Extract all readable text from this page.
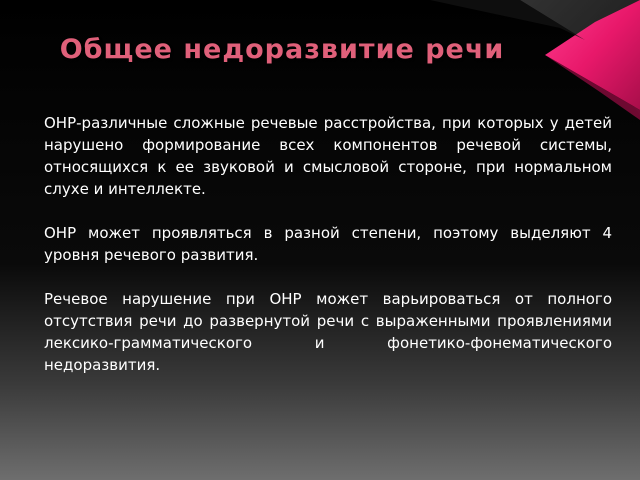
Общее недоразвитие речи

ОНР-различные сложные речевые расстройства, при которых у детей нарушено формирование всех компонентов речевой системы, относящихся к ее звуковой и смысловой стороне, при нормальном слухе и интеллекте.

ОНР может проявляться в разной степени, поэтому выделяют 4 уровня речевого развития.

Речевое нарушение при ОНР может варьироваться от полного отсутствия речи до развернутой речи с выраженными проявлениями лексико-грамматического и фонетико-фонематического недоразвития.
